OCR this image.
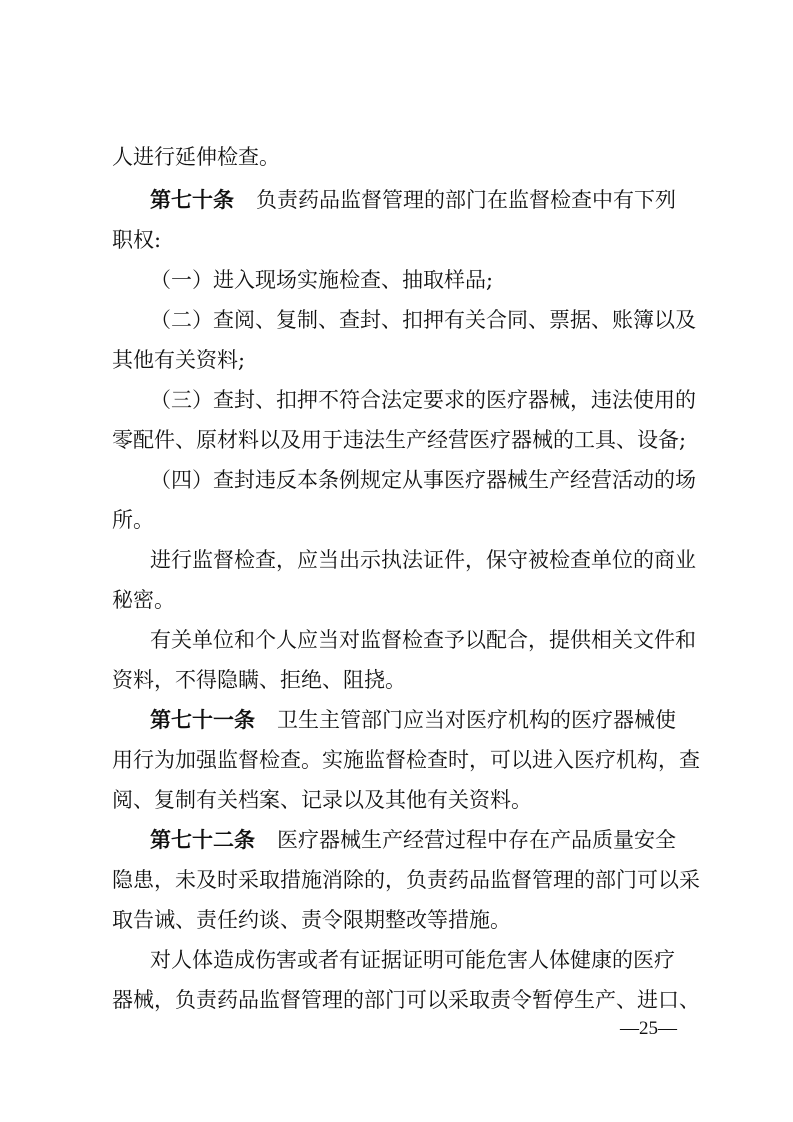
人进行延伸检查。
第七十条 负责药品监督管理的部门在监督检查中有下列
职权:
（一）进入现场实施检查、抽取样品;
（二）查阅、复制、查封、扣押有关合同、票据、账簿以及
其他有关资料;
（三）查封、扣押不符合法定要求的医疗器械，违法使用的
零配件、原材料以及用于违法生产经营医疗器械的工具、设备;
（四）查封违反本条例规定从事医疗器械生产经营活动的场
所。
进行监督检查，应当出示执法证件，保守被检查单位的商业
秘密。
有关单位和个人应当对监督检查予以配合，提供相关文件和
资料，不得隐瞒、拒绝、阻挠。
第七十一条 卫生主管部门应当对医疗机构的医疗器械使
用行为加强监督检查。实施监督检查时，可以进入医疗机构，查
阅、复制有关档案、记录以及其他有关资料。
第七十二条 医疗器械生产经营过程中存在产品质量安全
隐患，未及时采取措施消除的，负责药品监督管理的部门可以采
取告诫、责任约谈、责令限期整改等措施。
对人体造成伤害或者有证据证明可能危害人体健康的医疗
器械，负责药品监督管理的部门可以采取责令暂停生产、进口、
—25—
